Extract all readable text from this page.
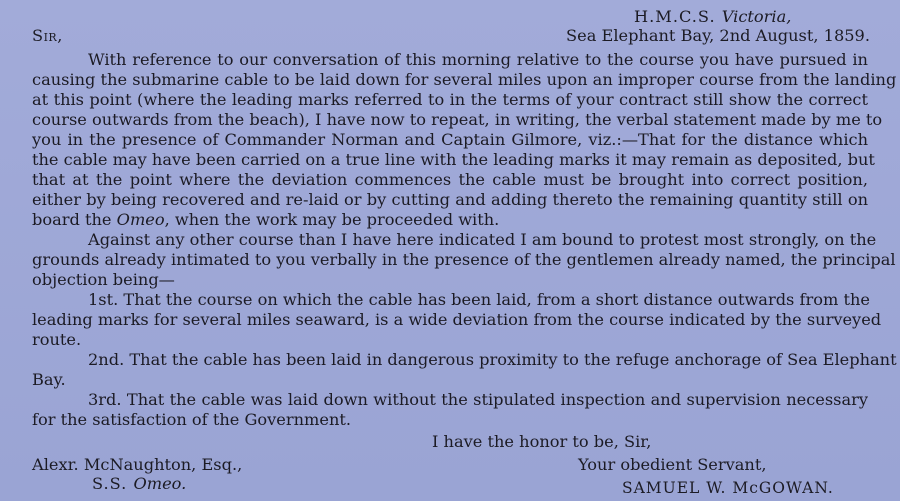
H.M.C.S. Victoria,
Sir,	Sea Elephant Bay, 2nd August, 1859.
With reference to our conversation of this morning relative to the course you have pursued in
causing the submarine cable to be laid down for several miles upon an improper course from the landing
at this point (where the leading marks referred to in the terms of your contract still show the correct
course outwards from the beach), I have now to repeat, in writing, the verbal statement made by me to
you in the presence of Commander Norman and Captain Gilmore, viz.:—That for the distance which
the cable may have been carried on a true line with the leading marks it may remain as deposited, but
that at the point where the deviation commences the cable must be brought into correct position,
either by being recovered and re-laid or by cutting and adding thereto the remaining quantity still on
board the Omeo, when the work may be proceeded with.
Against any other course than I have here indicated I am bound to protest most strongly, on the
grounds already intimated to you verbally in the presence of the gentlemen already named, the principal
objection being—
1st. That the course on which the cable has been laid, from a short distance outwards from the
leading marks for several miles seaward, is a wide deviation from the course indicated by the surveyed
route.
2nd. That the cable has been laid in dangerous proximity to the refuge anchorage of Sea Elephant
Bay.
3rd. That the cable was laid down without the stipulated inspection and supervision necessary
for the satisfaction of the Government.
I have the honor to be, Sir,
Your obedient Servant,
SAMUEL W. McGOWAN.
Alexr. McNaughton, Esq.,
S.S. Omeo.
